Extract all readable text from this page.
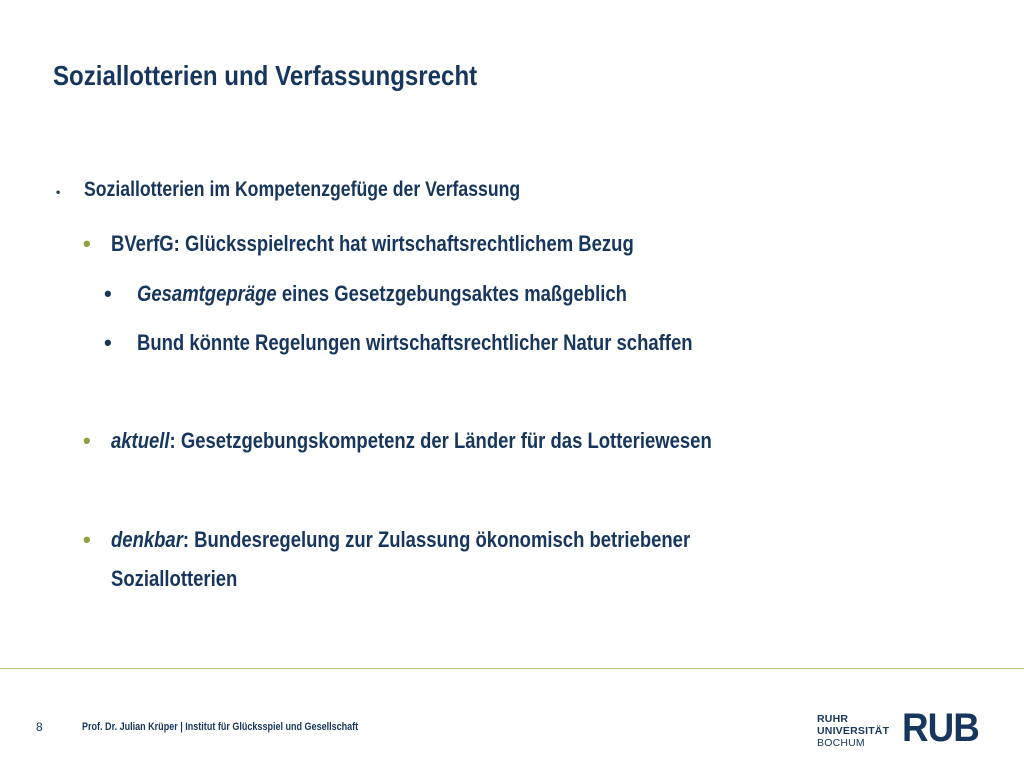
Soziallotterien und Verfassungsrecht
• Soziallotterien im Kompetenzgefüge der Verfassung
• BVerfG: Glücksspielrecht hat wirtschaftsrechtlichem Bezug
• Gesamtgepräge eines Gesetzgebungsaktes maßgeblich
• Bund könnte Regelungen wirtschaftsrechtlicher Natur schaffen
• aktuell: Gesetzgebungskompetenz der Länder für das Lotteriewesen
• denkbar: Bundesregelung zur Zulassung ökonomisch betriebener
Soziallotterien
8	Prof. Dr. Julian Krüper | Institut für Glücksspiel und Gesellschaft
RUHR
UNIVERSITÄT
BOCHUM RUB
